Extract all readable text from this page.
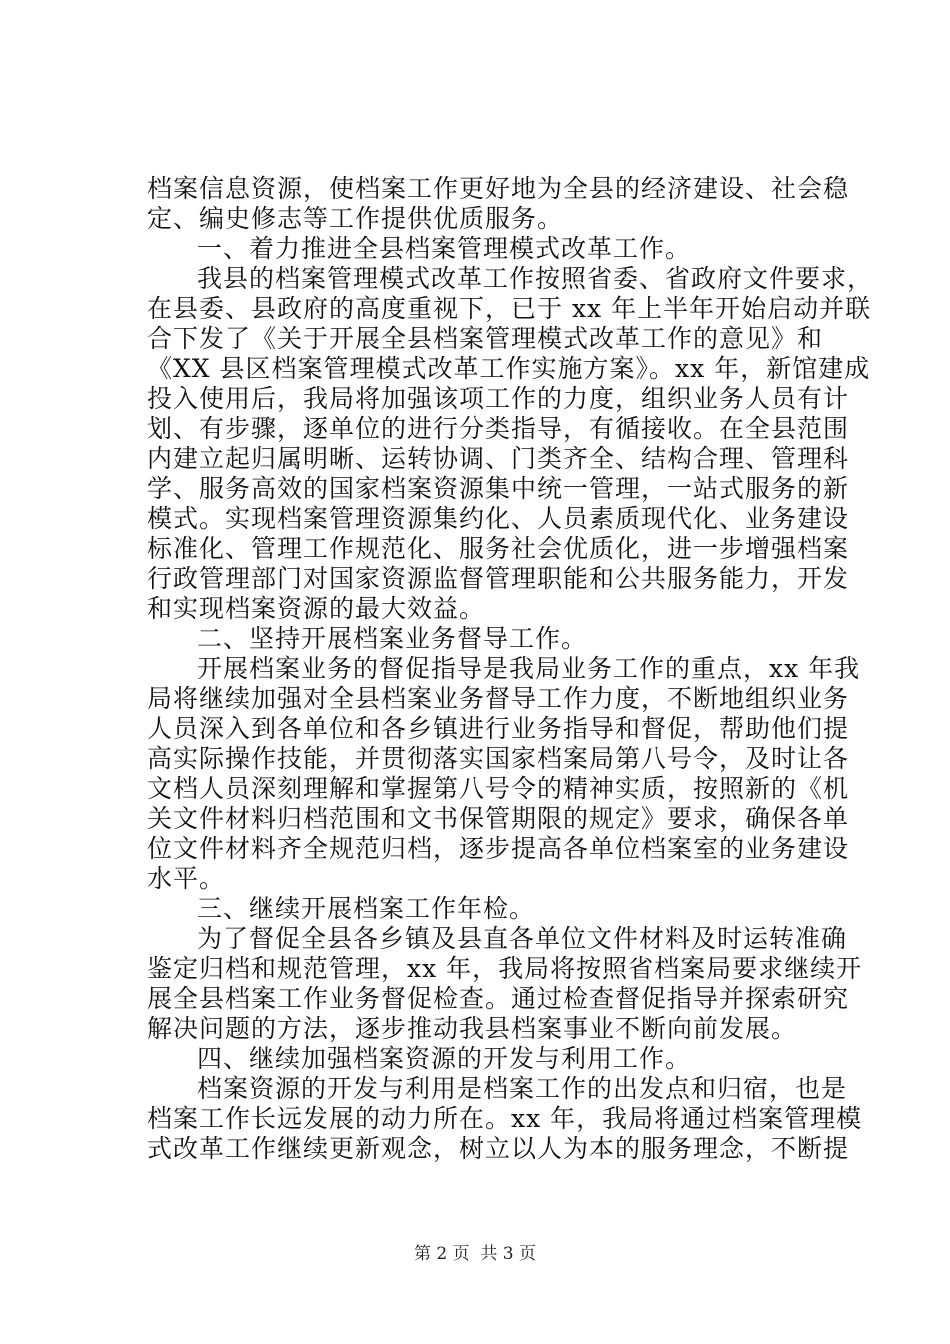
档案信息资源，使档案工作更好地为全县的经济建设、社会稳
定、编史修志等工作提供优质服务。
一、着力推进全县档案管理模式改革工作。
我县的档案管理模式改革工作按照省委、省政府文件要求，
在县委、县政府的高度重视下，已于 xx 年上半年开始启动并联
合下发了《关于开展全县档案管理模式改革工作的意见》和
《XX 县区档案管理模式改革工作实施方案》。xx 年，新馆建成
投入使用后，我局将加强该项工作的力度，组织业务人员有计
划、有步骤，逐单位的进行分类指导，有循接收。在全县范围
内建立起归属明晰、运转协调、门类齐全、结构合理、管理科
学、服务高效的国家档案资源集中统一管理，一站式服务的新
模式。实现档案管理资源集约化、人员素质现代化、业务建设
标准化、管理工作规范化、服务社会优质化，进一步增强档案
行政管理部门对国家资源监督管理职能和公共服务能力，开发
和实现档案资源的最大效益。
二、坚持开展档案业务督导工作。
开展档案业务的督促指导是我局业务工作的重点，xx 年我
局将继续加强对全县档案业务督导工作力度，不断地组织业务
人员深入到各单位和各乡镇进行业务指导和督促，帮助他们提
高实际操作技能，并贯彻落实国家档案局第八号令，及时让各
文档人员深刻理解和掌握第八号令的精神实质，按照新的《机
关文件材料归档范围和文书保管期限的规定》要求，确保各单
位文件材料齐全规范归档，逐步提高各单位档案室的业务建设
水平。
三、继续开展档案工作年检。
为了督促全县各乡镇及县直各单位文件材料及时运转准确
鉴定归档和规范管理，xx 年，我局将按照省档案局要求继续开
展全县档案工作业务督促检查。通过检查督促指导并探索研究
解决问题的方法，逐步推动我县档案事业不断向前发展。
四、继续加强档案资源的开发与利用工作。
档案资源的开发与利用是档案工作的出发点和归宿，也是
档案工作长远发展的动力所在。xx 年，我局将通过档案管理模
式改革工作继续更新观念，树立以人为本的服务理念，不断提
第 2 页  共 3 页
